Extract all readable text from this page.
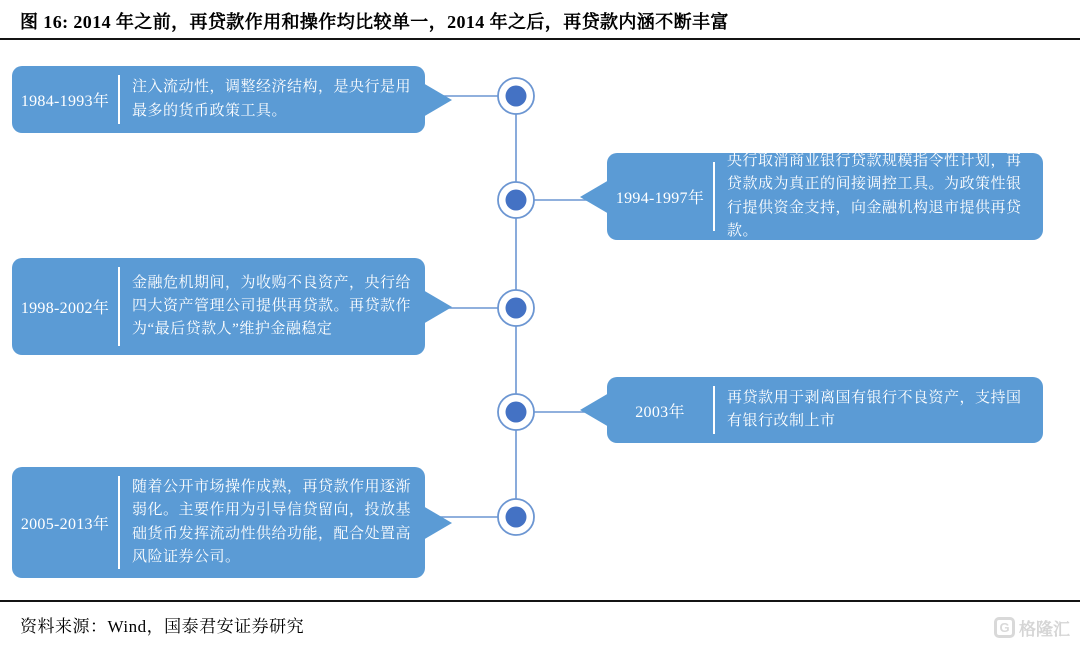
图 16: 2014 年之前，再贷款作用和操作均比较单一，2014 年之后，再贷款内涵不断丰富
1984-1993年
注入流动性，调整经济结构，是央行是用最多的货币政策工具。
1994-1997年
央行取消商业银行贷款规模指令性计划，再贷款成为真正的间接调控工具。为政策性银行提供资金支持，向金融机构退市提供再贷款。
1998-2002年
金融危机期间，为收购不良资产，央行给四大资产管理公司提供再贷款。再贷款作为“最后贷款人”维护金融稳定
2003年
再贷款用于剥离国有银行不良资产，支持国有银行改制上市
2005-2013年
随着公开市场操作成熟，再贷款作用逐渐弱化。主要作用为引导信贷留向，投放基础货币发挥流动性供给功能，配合处置高风险证券公司。
资料来源：Wind，国泰君安证券研究	G 格隆汇
